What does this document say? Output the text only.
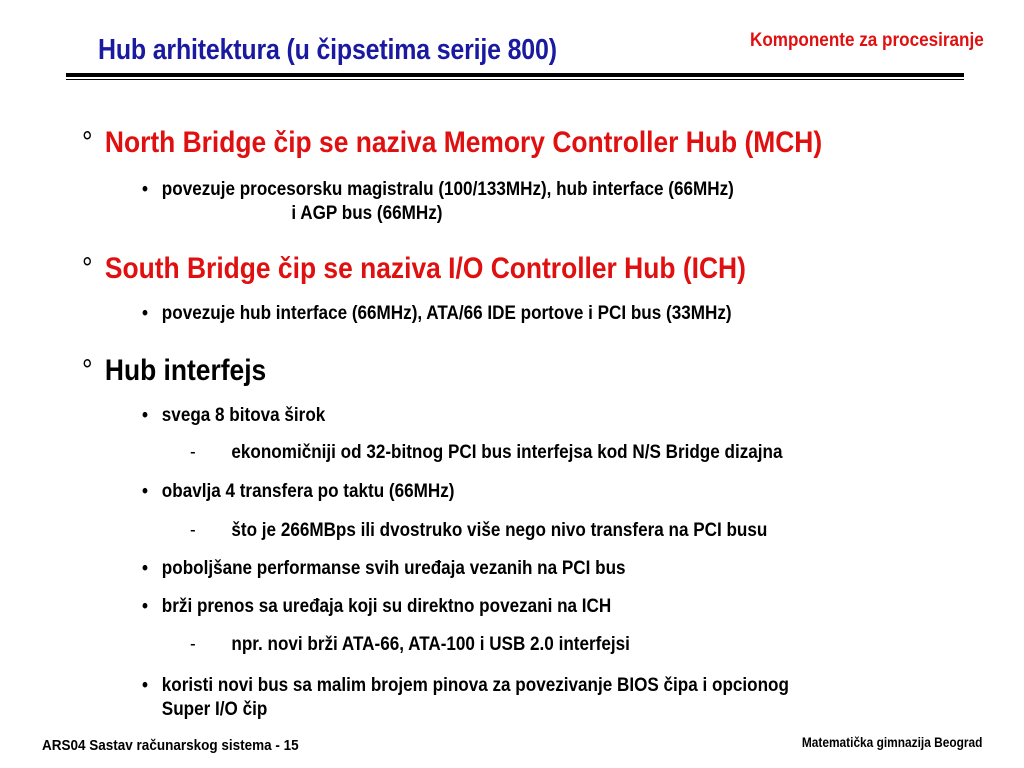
Hub arhitektura (u čipsetima serije 800)	Komponente za procesiranje
° North Bridge čip se naziva Memory Controller Hub (MCH)
• povezuje procesorsku magistralu (100/133MHz), hub interface (66MHz)
i AGP bus (66MHz)
° South Bridge čip se naziva I/O Controller Hub (ICH)
• povezuje hub interface (66MHz), ATA/66 IDE portove i PCI bus (33MHz)
° Hub interfejs
• svega 8 bitova širok
- ekonomičniji od 32-bitnog PCI bus interfejsa kod N/S Bridge dizajna
• obavlja 4 transfera po taktu (66MHz)
- što je 266MBps ili dvostruko više nego nivo transfera na PCI busu
• poboljšane performanse svih uređaja vezanih na PCI bus
• brži prenos sa uređaja koji su direktno povezani na ICH
- npr. novi brži ATA-66, ATA-100 i USB 2.0 interfejsi
• koristi novi bus sa malim brojem pinova za povezivanje BIOS čipa i opcionog
Super I/O čip
ARS04 Sastav računarskog sistema - 15	Matematička gimnazija Beograd
